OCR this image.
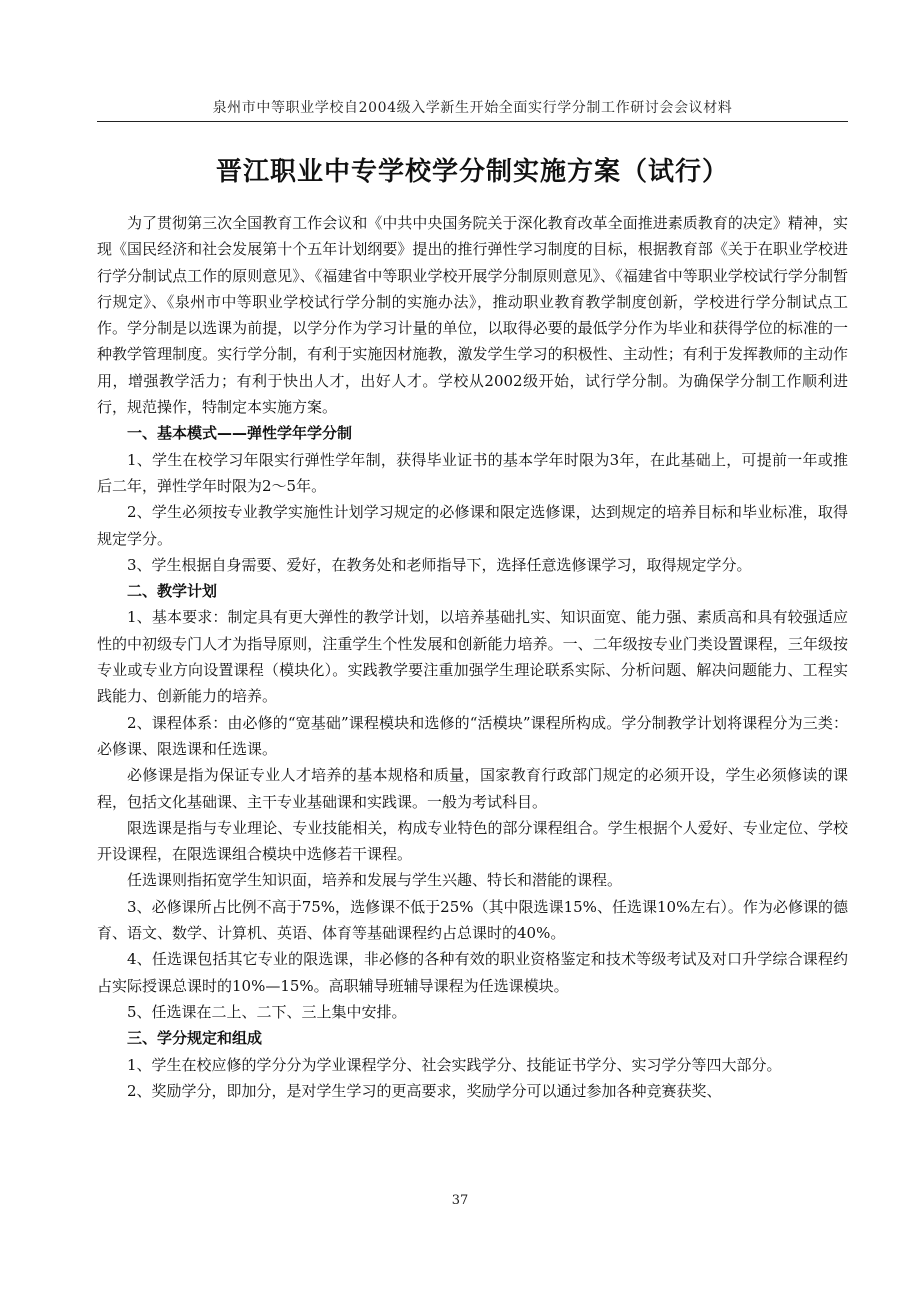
泉州市中等职业学校自2004级入学新生开始全面实行学分制工作研讨会会议材料
晋江职业中专学校学分制实施方案（试行）

为了贯彻第三次全国教育工作会议和《中共中央国务院关于深化教育改革全面推进素质教育的决定》精神，实现《国民经济和社会发展第十个五年计划纲要》提出的推行弹性学习制度的目标，根据教育部《关于在职业学校进行学分制试点工作的原则意见》、《福建省中等职业学校开展学分制原则意见》、《福建省中等职业学校试行学分制暂行规定》、《泉州市中等职业学校试行学分制的实施办法》，推动职业教育教学制度创新，学校进行学分制试点工作。学分制是以选课为前提，以学分作为学习计量的单位，以取得必要的最低学分作为毕业和获得学位的标准的一种教学管理制度。实行学分制，有利于实施因材施教，激发学生学习的积极性、主动性；有利于发挥教师的主动作用，增强教学活力；有利于快出人才，出好人才。学校从2002级开始，试行学分制。为确保学分制工作顺利进行，规范操作，特制定本实施方案。

一、基本模式——弹性学年学分制

1、学生在校学习年限实行弹性学年制，获得毕业证书的基本学年时限为3年，在此基础上，可提前一年或推后二年，弹性学年时限为2～5年。

2、学生必须按专业教学实施性计划学习规定的必修课和限定选修课，达到规定的培养目标和毕业标准，取得规定学分。

3、学生根据自身需要、爱好，在教务处和老师指导下，选择任意选修课学习，取得规定学分。

二、教学计划

1、基本要求：制定具有更大弹性的教学计划，以培养基础扎实、知识面宽、能力强、素质高和具有较强适应性的中初级专门人才为指导原则，注重学生个性发展和创新能力培养。一、二年级按专业门类设置课程，三年级按专业或专业方向设置课程（模块化）。实践教学要注重加强学生理论联系实际、分析问题、解决问题能力、工程实践能力、创新能力的培养。

2、课程体系：由必修的“宽基础”课程模块和选修的“活模块”课程所构成。学分制教学计划将课程分为三类：必修课、限选课和任选课。

必修课是指为保证专业人才培养的基本规格和质量，国家教育行政部门规定的必须开设，学生必须修读的课程，包括文化基础课、主干专业基础课和实践课。一般为考试科目。

限选课是指与专业理论、专业技能相关，构成专业特色的部分课程组合。学生根据个人爱好、专业定位、学校开设课程，在限选课组合模块中选修若干课程。

任选课则指拓宽学生知识面，培养和发展与学生兴趣、特长和潜能的课程。

3、必修课所占比例不高于75%，选修课不低于25%（其中限选课15%、任选课10%左右）。作为必修课的德育、语文、数学、计算机、英语、体育等基础课程约占总课时的40%。

4、任选课包括其它专业的限选课，非必修的各种有效的职业资格鉴定和技术等级考试及对口升学综合课程约占实际授课总课时的10%—15%。高职辅导班辅导课程为任选课模块。

5、任选课在二上、二下、三上集中安排。

三、学分规定和组成

1、学生在校应修的学分分为学业课程学分、社会实践学分、技能证书学分、实习学分等四大部分。

2、奖励学分，即加分，是对学生学习的更高要求，奖励学分可以通过参加各种竞赛获奖、

37
